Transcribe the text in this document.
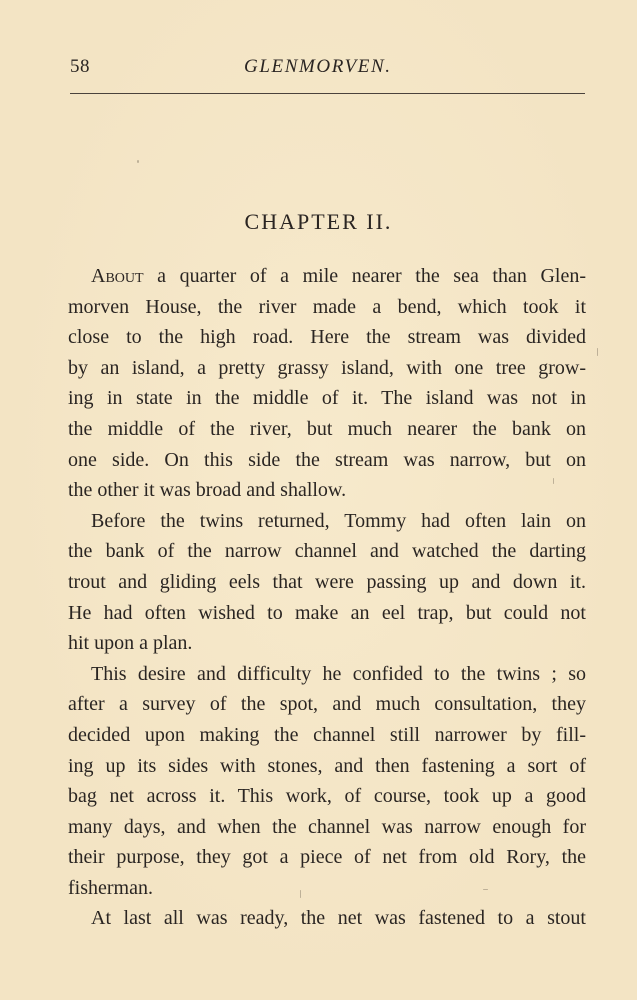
58	GLENMORVEN.
CHAPTER II.
About a quarter of a mile nearer the sea than Glen-
morven House, the river made a bend, which took it
close to the high road. Here the stream was divided
by an island, a pretty grassy island, with one tree grow-
ing in state in the middle of it. The island was not in
the middle of the river, but much nearer the bank on
one side. On this side the stream was narrow, but on
the other it was broad and shallow.
Before the twins returned, Tommy had often lain on
the bank of the narrow channel and watched the darting
trout and gliding eels that were passing up and down it.
He had often wished to make an eel trap, but could not
hit upon a plan.
This desire and difficulty he confided to the twins ; so
after a survey of the spot, and much consultation, they
decided upon making the channel still narrower by fill-
ing up its sides with stones, and then fastening a sort of
bag net across it. This work, of course, took up a good
many days, and when the channel was narrow enough for
their purpose, they got a piece of net from old Rory, the
fisherman.
At last all was ready, the net was fastened to a stout
